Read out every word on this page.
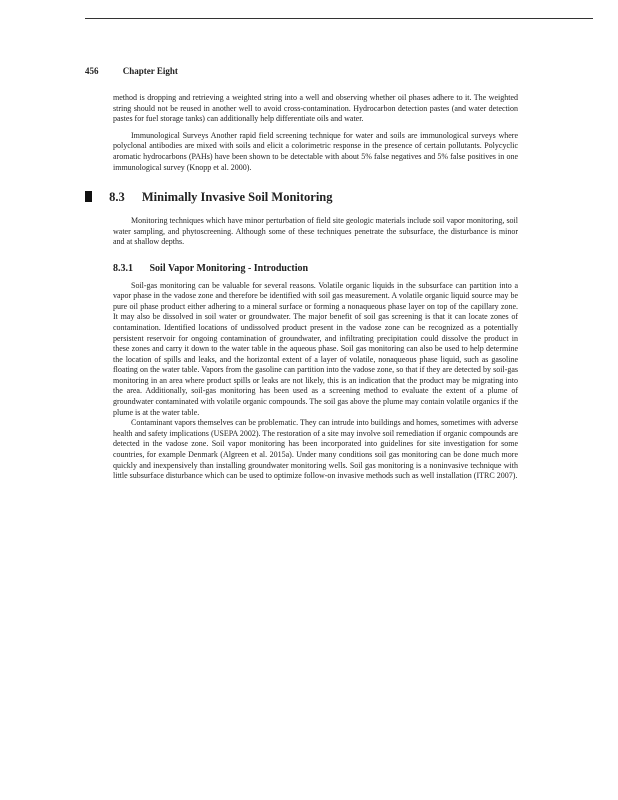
456	Chapter Eight

method is dropping and retrieving a weighted string into a well and observing whether oil phases adhere to it. The weighted string should not be reused in another well to avoid cross-contamination. Hydrocarbon detection pastes (and water detection pastes for fuel storage tanks) can additionally help differentiate oils and water.

Immunological Surveys Another rapid field screening technique for water and soils are immunological surveys where polyclonal antibodies are mixed with soils and elicit a colorimetric response in the presence of certain pollutants. Polycyclic aromatic hydrocarbons (PAHs) have been shown to be detectable with about 5% false negatives and 5% false positives in one immunological survey (Knopp et al. 2000).

8.3 Minimally Invasive Soil Monitoring

Monitoring techniques which have minor perturbation of field site geologic materials include soil vapor monitoring, soil water sampling, and phytoscreening. Although some of these techniques penetrate the subsurface, the disturbance is minor and at shallow depths.

8.3.1 Soil Vapor Monitoring - Introduction

Soil-gas monitoring can be valuable for several reasons. Volatile organic liquids in the subsurface can partition into a vapor phase in the vadose zone and therefore be identified with soil gas measurement. A volatile organic liquid source may be pure oil phase product either adhering to a mineral surface or forming a nonaqueous phase layer on top of the capillary zone. It may also be dissolved in soil water or groundwater. The major benefit of soil gas screening is that it can locate zones of contamination. Identified locations of undissolved product present in the vadose zone can be recognized as a potentially persistent reservoir for ongoing contamination of groundwater, and infiltrating precipitation could dissolve the product in these zones and carry it down to the water table in the aqueous phase. Soil gas monitoring can also be used to help determine the location of spills and leaks, and the horizontal extent of a layer of volatile, nonaqueous phase liquid, such as gasoline floating on the water table. Vapors from the gasoline can partition into the vadose zone, so that if they are detected by soil-gas monitoring in an area where product spills or leaks are not likely, this is an indication that the product may be migrating into the area. Additionally, soil-gas monitoring has been used as a screening method to evaluate the extent of a plume of groundwater contaminated with volatile organic compounds. The soil gas above the plume may contain volatile organics if the plume is at the water table.

Contaminant vapors themselves can be problematic. They can intrude into buildings and homes, sometimes with adverse health and safety implications (USEPA 2002). The restoration of a site may involve soil remediation if organic compounds are detected in the vadose zone. Soil vapor monitoring has been incorporated into guidelines for site investigation for some countries, for example Denmark (Algreen et al. 2015a). Under many conditions soil gas monitoring can be done much more quickly and inexpensively than installing groundwater monitoring wells. Soil gas monitoring is a noninvasive technique with little subsurface disturbance which can be used to optimize follow-on invasive methods such as well installation (ITRC 2007).
